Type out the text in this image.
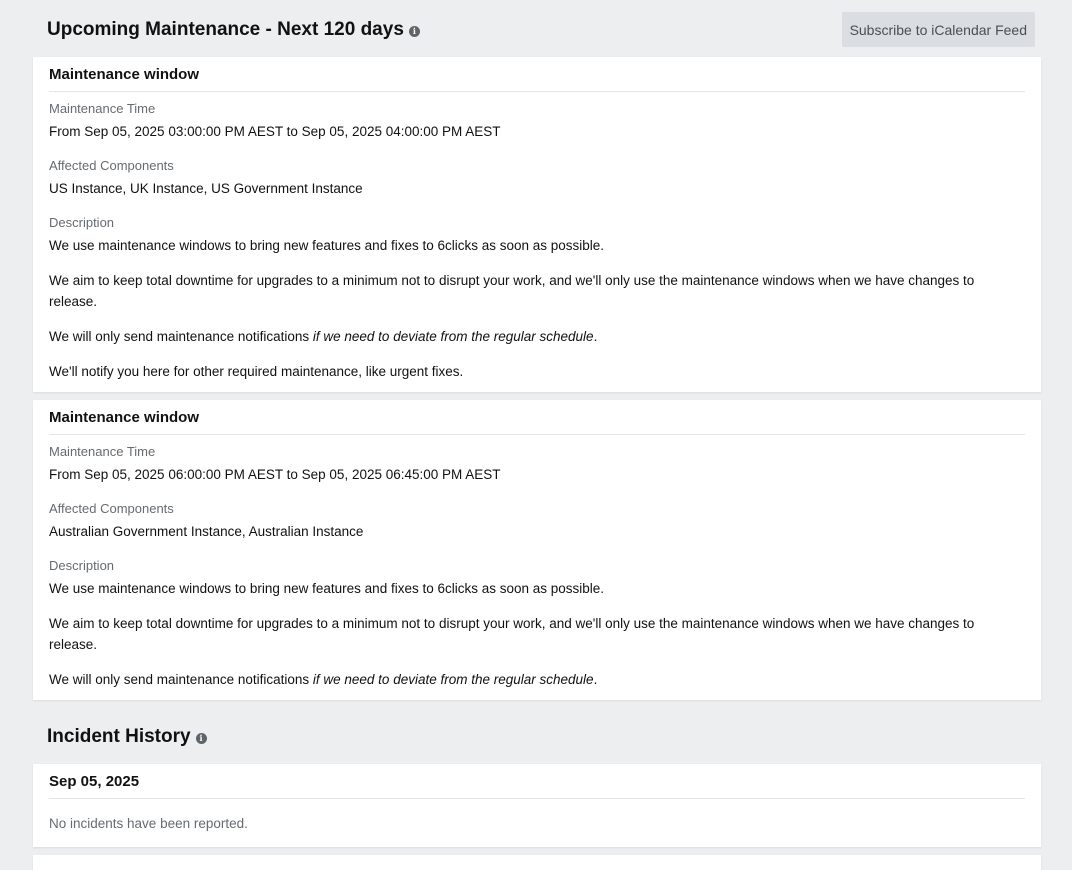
Upcoming Maintenance - Next 120 days	i	Subscribe to iCalendar Feed
Maintenance window
Maintenance Time
From Sep 05, 2025 03:00:00 PM AEST to Sep 05, 2025 04:00:00 PM AEST
Affected Components
US Instance, UK Instance, US Government Instance
Description

We use maintenance windows to bring new features and fixes to 6clicks as soon as possible.

We aim to keep total downtime for upgrades to a minimum not to disrupt your work, and we'll only use the maintenance windows when we have changes to release.

We will only send maintenance notifications if we need to deviate from the regular schedule.

We'll notify you here for other required maintenance, like urgent fixes.

Maintenance window
Maintenance Time
From Sep 05, 2025 06:00:00 PM AEST to Sep 05, 2025 06:45:00 PM AEST
Affected Components
Australian Government Instance, Australian Instance
Description

We use maintenance windows to bring new features and fixes to 6clicks as soon as possible.

We aim to keep total downtime for upgrades to a minimum not to disrupt your work, and we'll only use the maintenance windows when we have changes to release.

We will only send maintenance notifications if we need to deviate from the regular schedule.

Incident History	i
Sep 05, 2025
No incidents have been reported.
